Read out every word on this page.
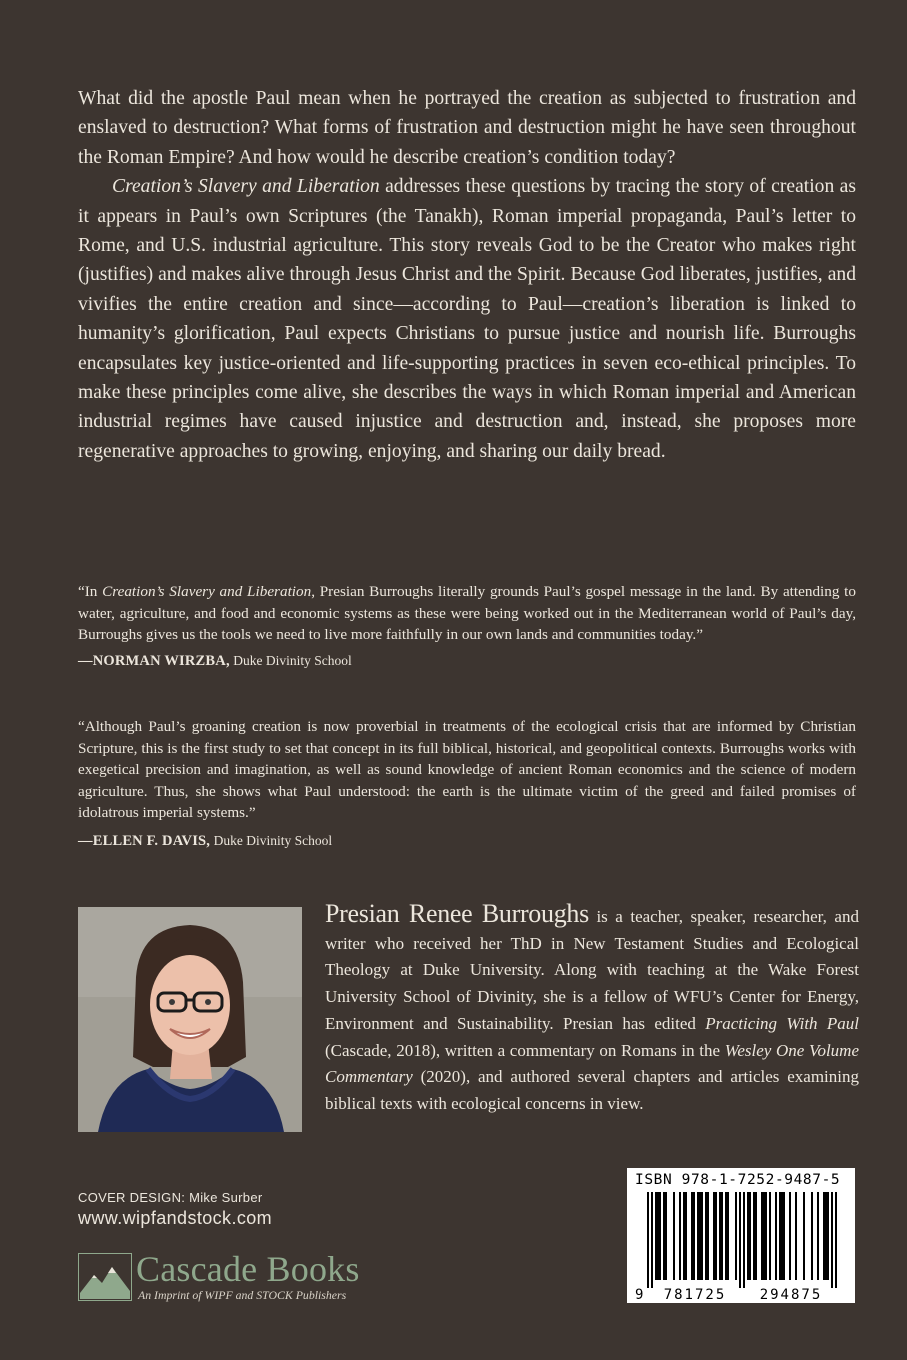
What did the apostle Paul mean when he portrayed the creation as subjected to frustration and enslaved to destruction? What forms of frustration and destruction might he have seen throughout the Roman Empire? And how would he describe creation’s condition today?

Creation’s Slavery and Liberation addresses these questions by tracing the story of creation as it appears in Paul’s own Scriptures (the Tanakh), Roman imperial propaganda, Paul’s letter to Rome, and U.S. industrial agriculture. This story reveals God to be the Creator who makes right (justifies) and makes alive through Jesus Christ and the Spirit. Because God liberates, justifies, and vivifies the entire creation and since—according to Paul—creation’s liberation is linked to humanity’s glorification, Paul expects Christians to pursue justice and nourish life. Burroughs encapsulates key justice-oriented and life-supporting practices in seven eco-ethical principles. To make these principles come alive, she describes the ways in which Roman imperial and American industrial regimes have caused injustice and destruction and, instead, she proposes more regenerative approaches to growing, enjoying, and sharing our daily bread.

“In Creation’s Slavery and Liberation, Presian Burroughs literally grounds Paul’s gospel message in the land. By attending to water, agriculture, and food and economic systems as these were being worked out in the Mediterranean world of Paul’s day, Burroughs gives us the tools we need to live more faithfully in our own lands and communities today.”

—NORMAN WIRZBA, Duke Divinity School

“Although Paul’s groaning creation is now proverbial in treatments of the ecological crisis that are informed by Christian Scripture, this is the first study to set that concept in its full biblical, historical, and geopolitical contexts. Burroughs works with exegetical precision and imagination, as well as sound knowledge of ancient Roman economics and the science of modern agriculture. Thus, she shows what Paul understood: the earth is the ultimate victim of the greed and failed promises of idolatrous imperial systems.”

—ELLEN F. DAVIS, Duke Divinity School

Presian Renee Burroughs is a teacher, speaker, researcher, and writer who received her ThD in New Testament Studies and Ecological Theology at Duke University. Along with teaching at the Wake Forest University School of Divinity, she is a fellow of WFU’s Center for Energy, Environment and Sustainability. Presian has edited Practicing With Paul (Cascade, 2018), written a commentary on Romans in the Wesley One Volume Commentary (2020), and authored several chapters and articles examining biblical texts with ecological concerns in view.

COVER DESIGN: Mike Surber
www.wipfandstock.com
Cascade Books
An Imprint of WIPF and STOCK Publishers	9 781725 294875
ISBN 978-1-7252-9487-5
